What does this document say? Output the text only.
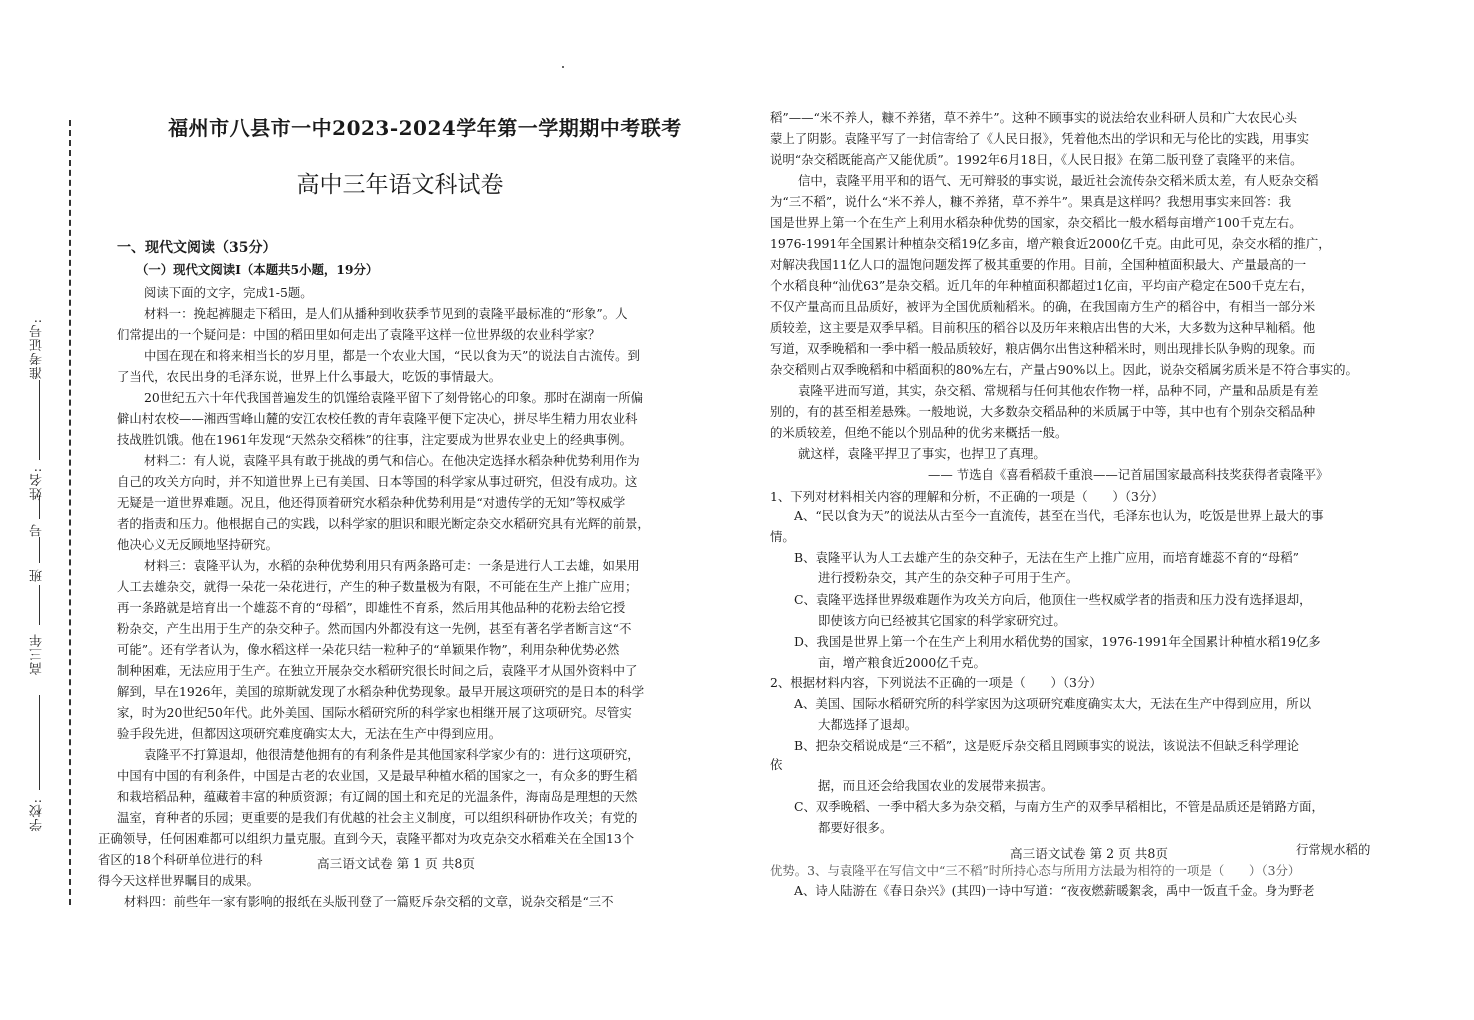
学校:
高三年
班
号
姓名:
准考证号:
福州市八县市一中2023-2024学年第一学期期中考联考
高中三年语文科试卷
一、现代文阅读（35分）
（一）现代文阅读Ⅰ（本题共5小题，19分）
阅读下面的文字，完成1-5题。
材料一：挽起裤腿走下稻田，是人们从播种到收获季节见到的袁隆平最标准的“形象”。人
们常提出的一个疑问是：中国的稻田里如何走出了袁隆平这样一位世界级的农业科学家？
中国在现在和将来相当长的岁月里，都是一个农业大国，“民以食为天”的说法自古流传。到
了当代，农民出身的毛泽东说，世界上什么事最大，吃饭的事情最大。
20世纪五六十年代我国普遍发生的饥馑给袁隆平留下了刻骨铭心的印象。那时在湖南一所偏
僻山村农校——湘西雪峰山麓的安江农校任教的青年袁隆平便下定决心，拼尽毕生精力用农业科
技战胜饥饿。他在1961年发现“天然杂交稻株”的往事，注定要成为世界农业史上的经典事例。
材料二：有人说，袁隆平具有敢于挑战的勇气和信心。在他决定选择水稻杂种优势利用作为
自己的攻关方向时，并不知道世界上已有美国、日本等国的科学家从事过研究，但没有成功。这
无疑是一道世界难题。况且，他还得顶着研究水稻杂种优势利用是“对遗传学的无知”等权威学
者的指责和压力。他根据自己的实践，以科学家的胆识和眼光断定杂交水稻研究具有光辉的前景，
他决心义无反顾地坚持研究。
材料三：袁隆平认为，水稻的杂种优势利用只有两条路可走：一条是进行人工去雄，如果用
人工去雄杂交，就得一朵花一朵花进行，产生的种子数量极为有限，不可能在生产上推广应用；
再一条路就是培育出一个雄蕊不育的“母稻”，即雄性不育系，然后用其他品种的花粉去给它授
粉杂交，产生出用于生产的杂交种子。然而国内外都没有这一先例，甚至有著名学者断言这“不
可能”。还有学者认为，像水稻这样一朵花只结一粒种子的“单颖果作物”，利用杂种优势必然
制种困难，无法应用于生产。在独立开展杂交水稻研究很长时间之后，袁隆平才从国外资料中了
解到，早在1926年，美国的琼斯就发现了水稻杂种优势现象。最早开展这项研究的是日本的科学
家，时为20世纪50年代。此外美国、国际水稻研究所的科学家也相继开展了这项研究。尽管实
验手段先进，但都因这项研究难度确实太大，无法在生产中得到应用。
袁隆平不打算退却，他很清楚他拥有的有利条件是其他国家科学家少有的：进行这项研究，
中国有中国的有利条件，中国是古老的农业国，又是最早种植水稻的国家之一，有众多的野生稻
和栽培稻品种，蕴藏着丰富的种质资源；有辽阔的国土和充足的光温条件，海南岛是理想的天然
温室，育种者的乐园；更重要的是我们有优越的社会主义制度，可以组织科研协作攻关；有党的
正确领导，任何困难都可以组织力量克服。直到今天，袁隆平都对为攻克杂交水稻难关在全国13个
省区的18个科研单位进行的科
得今天这样世界瞩目的成果。
材料四：前些年一家有影响的报纸在头版刊登了一篇贬斥杂交稻的文章，说杂交稻是“三不
高三语文试卷 第 1 页 共8页
稻”——“米不养人，糠不养猪，草不养牛”。这种不顾事实的说法给农业科研人员和广大农民心头
蒙上了阴影。袁隆平写了一封信寄给了《人民日报》，凭着他杰出的学识和无与伦比的实践，用事实
说明“杂交稻既能高产又能优质”。1992年6月18日，《人民日报》在第二版刊登了袁隆平的来信。
信中，袁隆平用平和的语气、无可辩驳的事实说，最近社会流传杂交稻米质太差，有人贬杂交稻
为“三不稻”，说什么“米不养人，糠不养猪，草不养牛”。果真是这样吗？我想用事实来回答：我
国是世界上第一个在生产上利用水稻杂种优势的国家，杂交稻比一般水稻每亩增产100千克左右。
1976-1991年全国累计种植杂交稻19亿多亩，增产粮食近2000亿千克。由此可见，杂交水稻的推广，
对解决我国11亿人口的温饱问题发挥了极其重要的作用。目前，全国种植面积最大、产量最高的一
个水稻良种“汕优63”是杂交稻。近几年的年种植面积都超过1亿亩，平均亩产稳定在500千克左右，
不仅产量高而且品质好，被评为全国优质籼稻米。的确，在我国南方生产的稻谷中，有相当一部分米
质较差，这主要是双季早稻。目前积压的稻谷以及历年来粮店出售的大米，大多数为这种早籼稻。他
写道，双季晚稻和一季中稻一般品质较好，粮店偶尔出售这种稻米时，则出现排长队争购的现象。而
杂交稻则占双季晚稻和中稻面积的80%左右，产量占90%以上。因此，说杂交稻属劣质米是不符合事实的。
袁隆平进而写道，其实，杂交稻、常规稻与任何其他农作物一样，品种不同，产量和品质是有差
别的，有的甚至相差悬殊。一般地说，大多数杂交稻品种的米质属于中等，其中也有个别杂交稻品种
的米质较差，但绝不能以个别品种的优劣来概括一般。
就这样，袁隆平捍卫了事实，也捍卫了真理。
—— 节选自《喜看稻菽千重浪——记首届国家最高科技奖获得者袁隆平》
1、下列对材料相关内容的理解和分析，不正确的一项是（　　）（3分）
A、“民以食为天”的说法从古至今一直流传，甚至在当代，毛泽东也认为，吃饭是世界上最大的事
情。
B、袁隆平认为人工去雄产生的杂交种子，无法在生产上推广应用，而培育雄蕊不育的“母稻”
进行授粉杂交，其产生的杂交种子可用于生产。
C、袁隆平选择世界级难题作为攻关方向后，他顶住一些权威学者的指责和压力没有选择退却，
即使该方向已经被其它国家的科学家研究过。
D、我国是世界上第一个在生产上利用水稻优势的国家，1976-1991年全国累计种植水稻19亿多
亩，增产粮食近2000亿千克。
2、根据材料内容，下列说法不正确的一项是（　　）（3分）
A、美国、国际水稻研究所的科学家因为这项研究难度确实太大，无法在生产中得到应用，所以
大都选择了退却。
B、把杂交稻说成是“三不稻”，这是贬斥杂交稻且罔顾事实的说法，该说法不但缺乏科学理论
依
据，而且还会给我国农业的发展带来损害。
C、双季晚稻、一季中稻大多为杂交稻，与南方生产的双季早稻相比，不管是品质还是销路方面，
都要好很多。
行常规水稻的
高三语文试卷 第 2 页 共8页
优势。3、与袁隆平在写信文中“三不稻”时所持心态与所用方法最为相符的一项是（　　）（3分）
A、诗人陆游在《春日杂兴》(其四)一诗中写道：“夜夜燃薪暖絮衾，禹中一饭直千金。身为野老
